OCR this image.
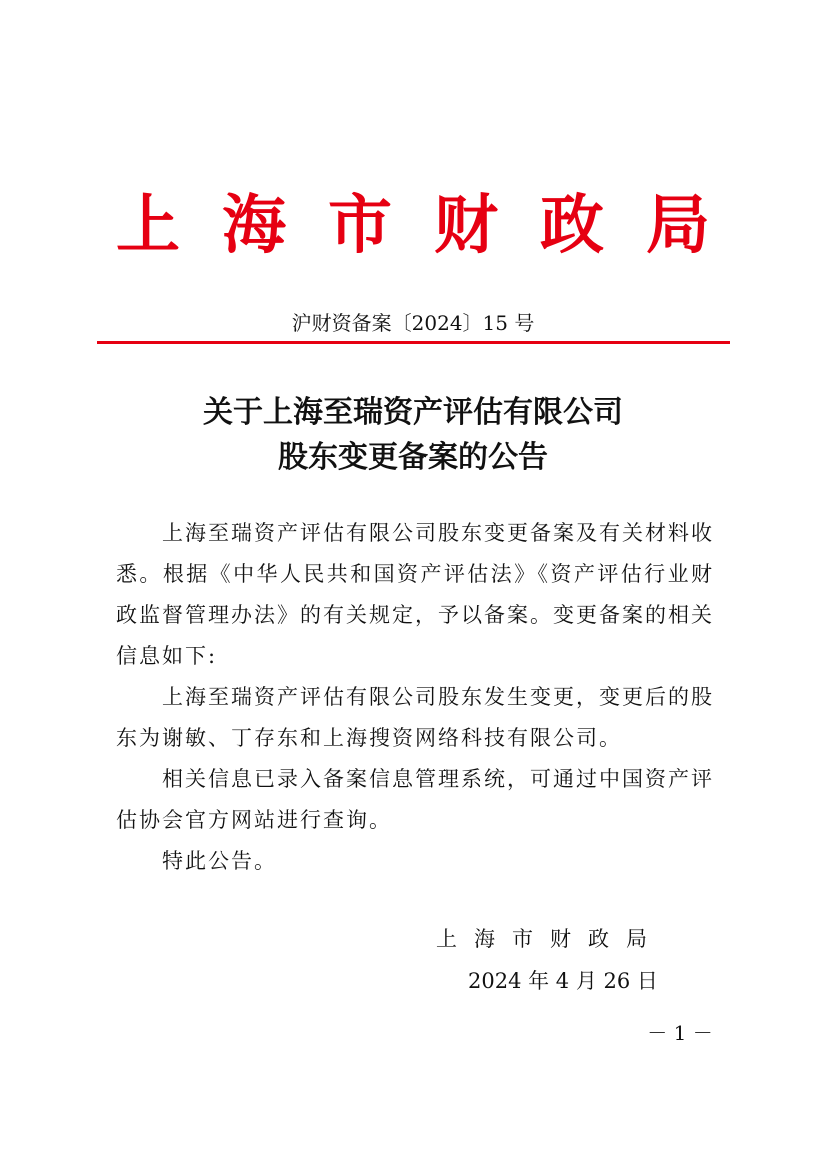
上海市财政局
沪财资备案〔2024〕15 号
关于上海至瑞资产评估有限公司
股东变更备案的公告

上海至瑞资产评估有限公司股东变更备案及有关材料收悉。根据《中华人民共和国资产评估法》《资产评估行业财政监督管理办法》的有关规定，予以备案。变更备案的相关信息如下:

上海至瑞资产评估有限公司股东发生变更，变更后的股东为谢敏、丁存东和上海搜资网络科技有限公司。

相关信息已录入备案信息管理系统，可通过中国资产评估协会官方网站进行查询。

特此公告。

上海市财政局
2024 年 4 月 26 日
－ 1 －
